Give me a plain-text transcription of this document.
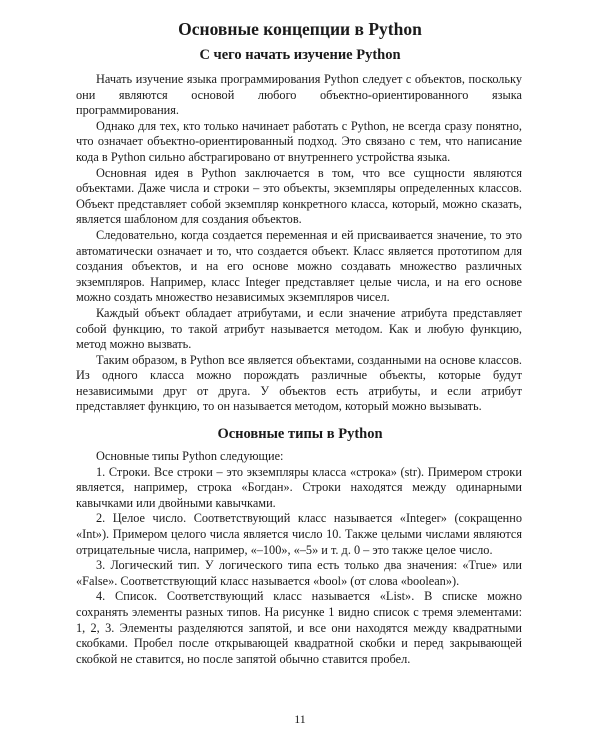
Основные концепции в Python
С чего начать изучение Python

Начать изучение языка программирования Python следует с объектов, поскольку они являются основой любого объектно-ориентированного языка программирования.

Однако для тех, кто только начинает работать с Python, не всегда сразу понятно, что означает объектно-ориентированный подход. Это связано с тем, что написание кода в Python сильно абстрагировано от внутреннего устройства языка.

Основная идея в Python заключается в том, что все сущности являются объектами. Даже числа и строки – это объекты, экземпляры определенных классов. Объект представляет собой экземпляр конкретного класса, который, можно сказать, является шаблоном для создания объектов.

Следовательно, когда создается переменная и ей присваивается значение, то это автоматически означает и то, что создается объект. Класс является прототипом для создания объектов, и на его основе можно создавать множество различных экземпляров. Например, класс Integer представляет целые числа, и на его основе можно создать множество независимых экземпляров чисел.

Каждый объект обладает атрибутами, и если значение атрибута представляет собой функцию, то такой атрибут называется методом. Как и любую функцию, метод можно вызвать.

Таким образом, в Python все является объектами, созданными на основе классов. Из одного класса можно порождать различные объекты, которые будут независимыми друг от друга. У объектов есть атрибуты, и если атрибут представляет функцию, то он называется методом, который можно вызывать.

Основные типы в Python

Основные типы Python следующие:

1. Строки. Все строки – это экземпляры класса «строка» (str). Примером строки является, например, строка «Богдан». Строки находятся между одинарными кавычками или двойными кавычками.

2. Целое число. Соответствующий класс называется «Integer» (сокращенно «Int»). Примером целого числа является число 10. Также целыми числами являются отрицательные числа, например, «–100», «–5» и т. д. 0 – это также целое число.

3. Логический тип. У логического типа есть только два значения: «True» или «False». Соответствующий класс называется «bool» (от слова «boolean»).

4. Список. Соответствующий класс называется «List». В списке можно сохранять элементы разных типов. На рисунке 1 видно список с тремя элементами: 1, 2, 3. Элементы разделяются запятой, и все они находятся между квадратными скобками. Пробел после открывающей квадратной скобки и перед закрывающей скобкой не ставится, но после запятой обычно ставится пробел.

11
